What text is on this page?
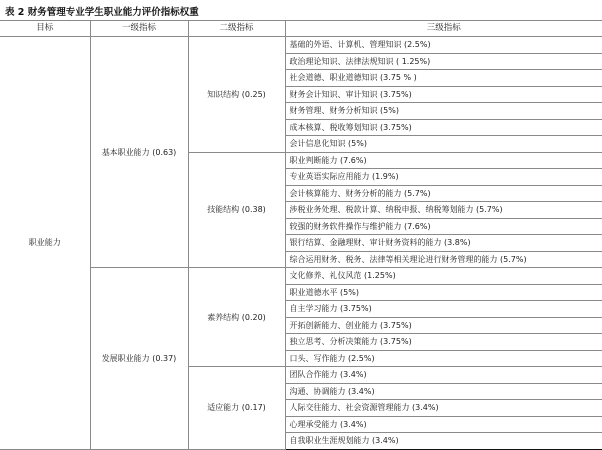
表 2 财务管理专业学生职业能力评价指标权重
目标	一级指标	二级指标	三级指标
职业能力	基本职业能力 (0.63)	知识结构 (0.25)	基础的外语、计算机、管理知识 (2.5%)
			政治理论知识、法律法规知识 ( 1.25%)
			社会道德、职业道德知识 (3.75 % )
			财务会计知识、审计知识 (3.75%)
			财务管理、财务分析知识 (5%)
			成本核算、税收筹划知识 (3.75%)
			会计信息化知识 (5%)
		技能结构 (0.38)	职业判断能力 (7.6%)
			专业英语实际应用能力 (1.9%)
			会计核算能力、财务分析的能力 (5.7%)
			涉税业务处理、税款计算、纳税申报、纳税筹划能力 (5.7%)
			较强的财务软件操作与维护能力 (7.6%)
			银行结算、金融理财、审计财务资料的能力 (3.8%)
			综合运用财务、税务、法律等相关理论进行财务管理的能力 (5.7%)
	发展职业能力 (0.37)	素养结构 (0.20)	文化修养、礼仪风范 (1.25%)
			职业道德水平 (5%)
			自主学习能力 (3.75%)
			开拓创新能力、创业能力 (3.75%)
			独立思考、分析决策能力 (3.75%)
			口头、写作能力 (2.5%)
		适应能力 (0.17)	团队合作能力 (3.4%)
			沟通、协调能力 (3.4%)
			人际交往能力、社会资源管理能力 (3.4%)
			心理承受能力 (3.4%)
			自我职业生涯规划能力 (3.4%)
